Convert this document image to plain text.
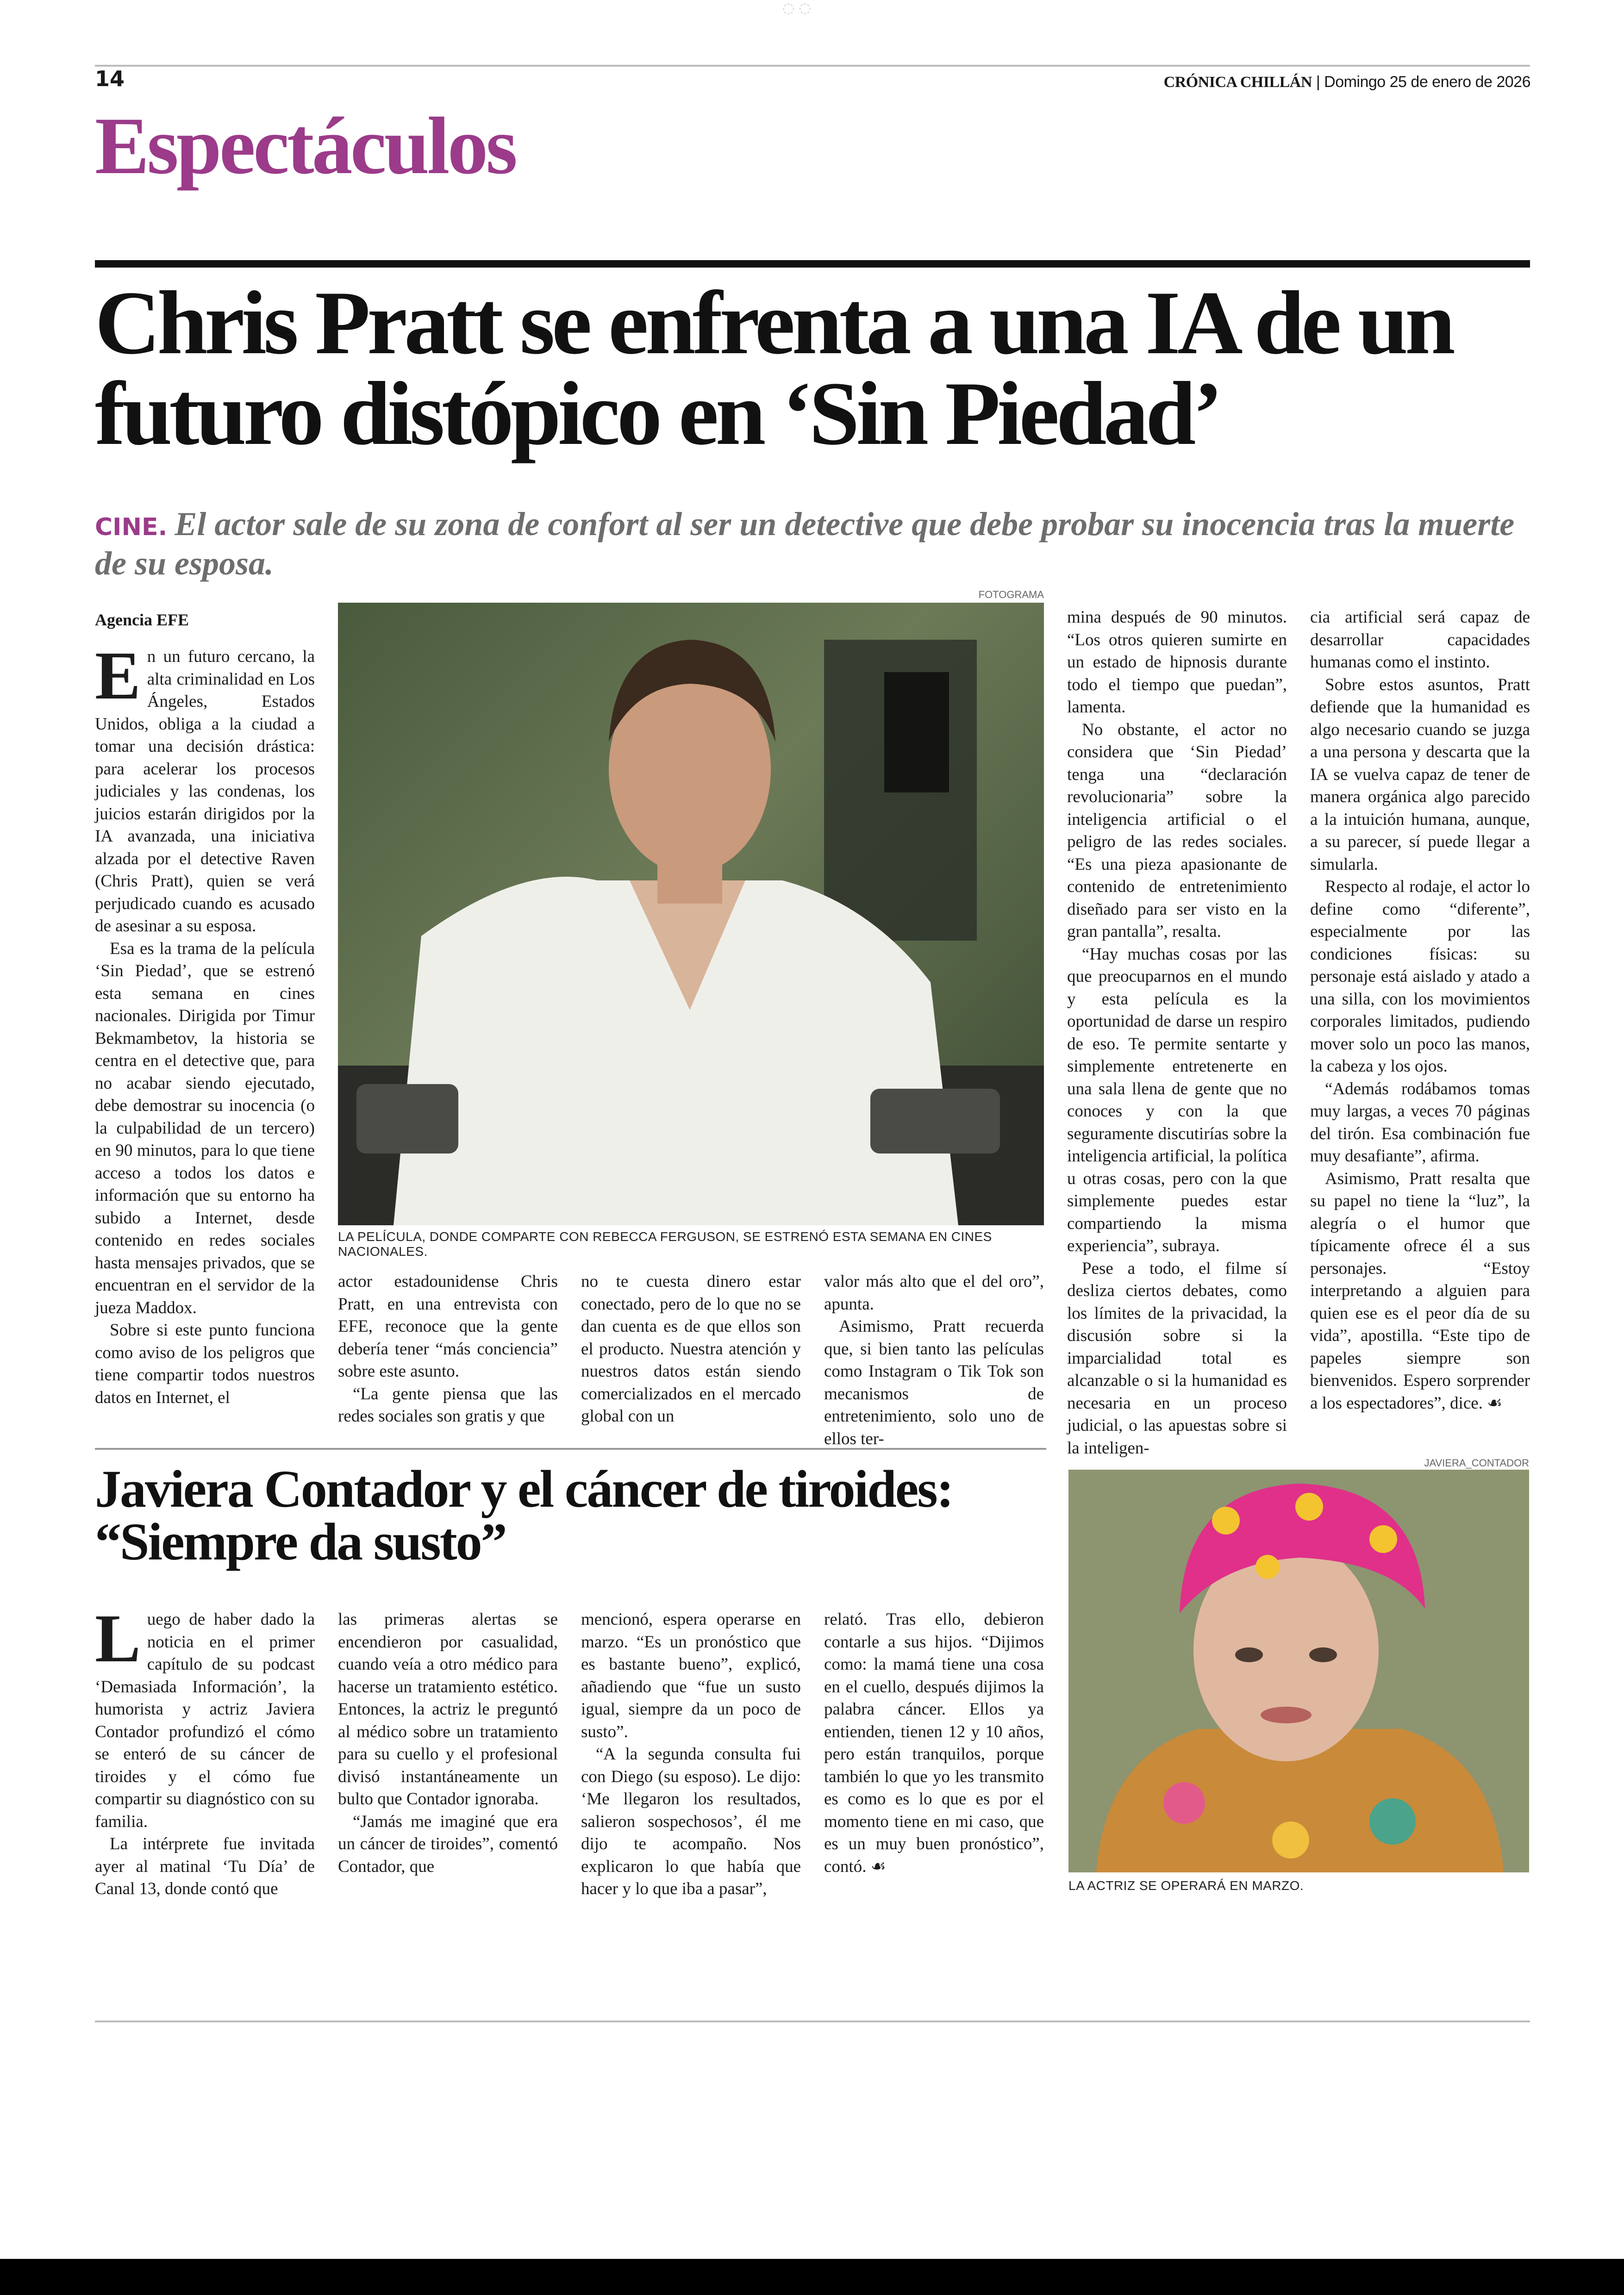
◌ ◌
14	CRÓNICA CHILLÁN | Domingo 25 de enero de 2026
Espectáculos
Chris Pratt se enfrenta a una IA de un futuro distópico en ‘Sin Piedad’
CINE. El actor sale de su zona de confort al ser un detective que debe probar su inocencia tras la muerte de su esposa.
Agencia EFE
E n un futuro cercano, la alta criminalidad en Los Ángeles, Estados Unidos, obliga a la ciudad a tomar una decisión drástica: para acelerar los procesos judiciales y las condenas, los juicios estarán dirigidos por la IA avanzada, una iniciativa alzada por el detective Raven (Chris Pratt), quien se verá perjudicado cuando es acusado de asesinar a su esposa.

Esa es la trama de la película ‘Sin Piedad’, que se estrenó esta semana en cines nacionales. Dirigida por Timur Bekmambetov, la historia se centra en el detective que, para no acabar siendo ejecutado, debe demostrar su inocencia (o la culpabilidad de un tercero) en 90 minutos, para lo que tiene acceso a todos los datos e información que su entorno ha subido a Internet, desde contenido en redes sociales hasta mensajes privados, que se encuentran en el servidor de la jueza Maddox.

Sobre si este punto funciona como aviso de los peligros que tiene compartir todos nuestros datos en Internet, el

FOTOGRAMA
LA PELÍCULA, DONDE COMPARTE CON REBECCA FERGUSON, SE ESTRENÓ ESTA SEMANA EN CINES NACIONALES.

actor estadounidense Chris Pratt, en una entrevista con EFE, reconoce que la gente debería tener “más conciencia” sobre este asunto.

“La gente piensa que las redes sociales son gratis y que

no te cuesta dinero estar conectado, pero de lo que no se dan cuenta es de que ellos son el producto. Nuestra atención y nuestros datos están siendo comercializados en el mercado global con un

valor más alto que el del oro”, apunta.

Asimismo, Pratt recuerda que, si bien tanto las películas como Instagram o Tik Tok son mecanismos de entretenimiento, solo uno de ellos ter-

mina después de 90 minutos. “Los otros quieren sumirte en un estado de hipnosis durante todo el tiempo que puedan”, lamenta.

No obstante, el actor no considera que ‘Sin Piedad’ tenga una “declaración revolucionaria” sobre la inteligencia artificial o el peligro de las redes sociales. “Es una pieza apasionante de contenido de entretenimiento diseñado para ser visto en la gran pantalla”, resalta.

“Hay muchas cosas por las que preocuparnos en el mundo y esta película es la oportunidad de darse un respiro de eso. Te permite sentarte y simplemente entretenerte en una sala llena de gente que no conoces y con la que seguramente discutirías sobre la inteligencia artificial, la política u otras cosas, pero con la que simplemente puedes estar compartiendo la misma experiencia”, subraya.

Pese a todo, el filme sí desliza ciertos debates, como los límites de la privacidad, la discusión sobre si la imparcialidad total es alcanzable o si la humanidad es necesaria en un proceso judicial, o las apuestas sobre si la inteligen-

cia artificial será capaz de desarrollar capacidades humanas como el instinto.

Sobre estos asuntos, Pratt defiende que la humanidad es algo necesario cuando se juzga a una persona y descarta que la IA se vuelva capaz de tener de manera orgánica algo parecido a la intuición humana, aunque, a su parecer, sí puede llegar a simularla.

Respecto al rodaje, el actor lo define como “diferente”, especialmente por las condiciones físicas: su personaje está aislado y atado a una silla, con los movimientos corporales limitados, pudiendo mover solo un poco las manos, la cabeza y los ojos.

“Además rodábamos tomas muy largas, a veces 70 páginas del tirón. Esa combinación fue muy desafiante”, afirma.

Asimismo, Pratt resalta que su papel no tiene la “luz”, la alegría o el humor que típicamente ofrece él a sus personajes. “Estoy interpretando a alguien para quien ese es el peor día de su vida”, apostilla. “Este tipo de papeles siempre son bienvenidos. Espero sorprender a los espectadores”, dice. ☙

Javiera Contador y el cáncer de tiroides: “Siempre da susto”
L uego de haber dado la noticia en el primer capítulo de su podcast ‘Demasiada Información’, la humorista y actriz Javiera Contador profundizó el cómo se enteró de su cáncer de tiroides y el cómo fue compartir su diagnóstico con su familia.

La intérprete fue invitada ayer al matinal ‘Tu Día’ de Canal 13, donde contó que

las primeras alertas se encendieron por casualidad, cuando veía a otro médico para hacerse un tratamiento estético. Entonces, la actriz le preguntó al médico sobre un tratamiento para su cuello y el profesional divisó instantáneamente un bulto que Contador ignoraba.

“Jamás me imaginé que era un cáncer de tiroides”, comentó Contador, que

mencionó, espera operarse en marzo. “Es un pronóstico que es bastante bueno”, explicó, añadiendo que “fue un susto igual, siempre da un poco de susto”.

“A la segunda consulta fui con Diego (su esposo). Le dijo: ‘Me llegaron los resultados, salieron sospechosos’, él me dijo te acompaño. Nos explicaron lo que había que hacer y lo que iba a pasar”,

relató. Tras ello, debieron contarle a sus hijos. “Dijimos como: la mamá tiene una cosa en el cuello, después dijimos la palabra cáncer. Ellos ya entienden, tienen 12 y 10 años, pero están tranquilos, porque también lo que yo les transmito es como es lo que es por el momento tiene en mi caso, que es un muy buen pronóstico”, contó. ☙

JAVIERA_CONTADOR
LA ACTRIZ SE OPERARÁ EN MARZO.
